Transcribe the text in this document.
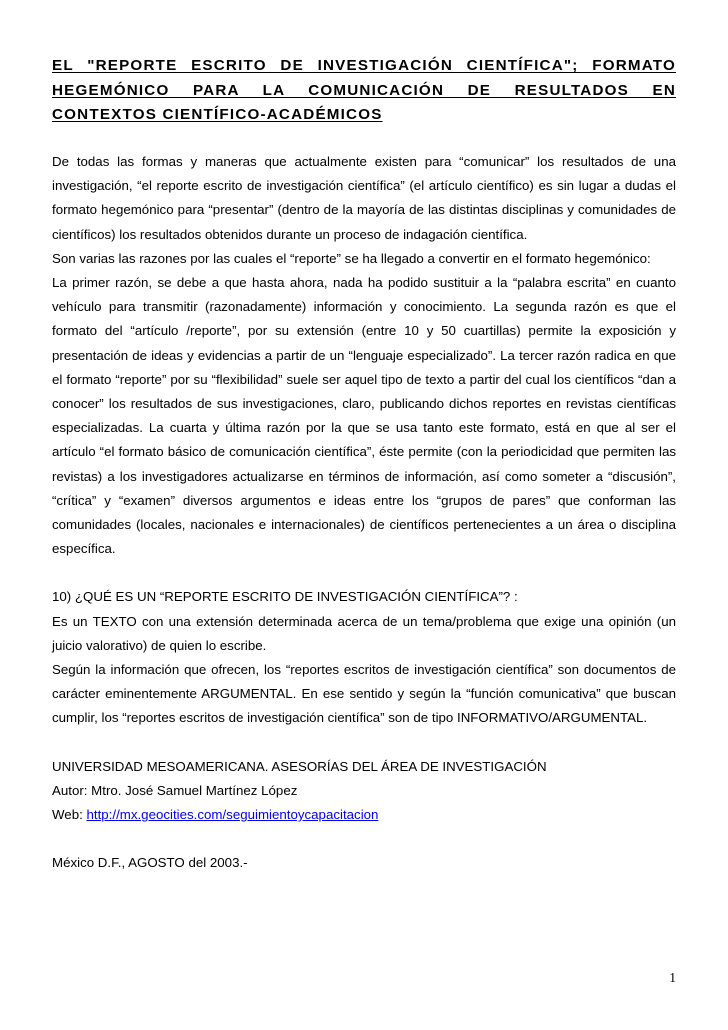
EL "REPORTE ESCRITO DE INVESTIGACIÓN CIENTÍFICA"; FORMATO HEGEMÓNICO PARA LA COMUNICACIÓN DE RESULTADOS EN CONTEXTOS CIENTÍFICO-ACADÉMICOS

De todas las formas y maneras que actualmente existen para “comunicar” los resultados de una investigación, “el reporte escrito de investigación científica” (el artículo científico) es sin lugar a dudas el formato hegemónico para “presentar” (dentro de la mayoría de las distintas disciplinas y comunidades de científicos) los resultados obtenidos durante un proceso de indagación científica.

Son varias las razones por las cuales el “reporte” se ha llegado a convertir en el formato hegemónico:

La primer razón, se debe a que hasta ahora, nada ha podido sustituir a la “palabra escrita” en cuanto vehículo para transmitir (razonadamente) información y conocimiento. La segunda razón es que el formato del “artículo /reporte”, por su extensión (entre 10 y 50 cuartillas) permite la exposición y presentación de ideas y evidencias a partir de un “lenguaje especializado”. La tercer razón radica en que el formato “reporte” por su “flexibilidad” suele ser aquel tipo de texto a partir del cual los científicos “dan a conocer” los resultados de sus investigaciones, claro, publicando dichos reportes en revistas científicas especializadas. La cuarta y última razón por la que se usa tanto este formato, está en que al ser el artículo “el formato básico de comunicación científica”, éste permite (con la periodicidad que permiten las revistas) a los investigadores actualizarse en términos de información, así como someter a “discusión”, “crítica” y “examen” diversos argumentos e ideas entre los “grupos de pares” que conforman las comunidades (locales, nacionales e internacionales) de científicos pertenecientes a un área o disciplina específica.

10) ¿QUÉ ES UN “REPORTE ESCRITO DE INVESTIGACIÓN CIENTÍFICA”? :

Es un TEXTO con una extensión determinada acerca de un tema/problema que exige una opinión (un juicio valorativo) de quien lo escribe.

Según la información que ofrecen, los “reportes escritos de investigación científica” son documentos de carácter eminentemente ARGUMENTAL. En ese sentido y según la “función comunicativa” que buscan cumplir, los “reportes escritos de investigación científica” son de tipo INFORMATIVO/ARGUMENTAL.

UNIVERSIDAD MESOAMERICANA. ASESORÍAS DEL ÁREA DE INVESTIGACIÓN

Autor: Mtro. José Samuel Martínez López

Web: http://mx.geocities.com/seguimientoycapacitacion

México D.F., AGOSTO del 2003.-

1
